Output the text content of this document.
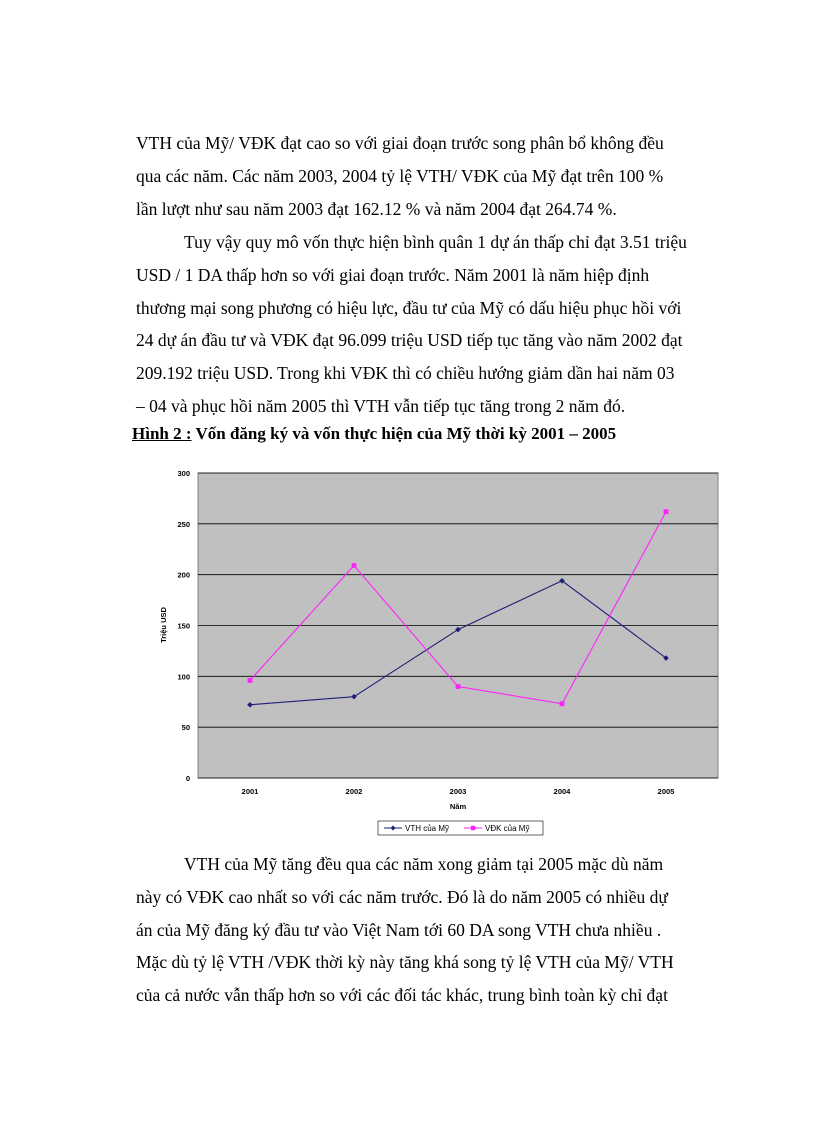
VTH của Mỹ/ VĐK đạt cao so với giai đoạn trước song phân bổ không đều
qua các năm. Các năm 2003, 2004 tỷ lệ VTH/ VĐK của Mỹ đạt trên 100 %
lần lượt như sau năm 2003 đạt 162.12 % và năm 2004 đạt 264.74 %.
Tuy vậy quy mô vốn thực hiện bình quân 1 dự án thấp chỉ đạt 3.51 triệu
USD / 1 DA thấp hơn so với giai đoạn trước. Năm 2001 là năm hiệp định
thương mại song phương có hiệu lực, đầu tư của Mỹ có dấu hiệu phục hồi với
24 dự án đầu tư và VĐK đạt 96.099 triệu USD tiếp tục tăng vào năm 2002 đạt
209.192 triệu USD. Trong khi VĐK thì có chiều hướng giảm dần hai năm 03
– 04 và phục hồi năm 2005 thì VTH vẫn tiếp tục tăng trong 2 năm đó.
Hình 2 : Vốn đăng ký và vốn thực hiện của Mỹ thời kỳ 2001 – 2005
0
50
100
150
200
250
300
2001	2002	2003	2004	2005
Triệu USD
Năm
VTH của Mỹ	VĐK của Mỹ
VTH của Mỹ tăng đều qua các năm xong giảm tại 2005 mặc dù năm
này có VĐK cao nhất so với các năm trước. Đó là do năm 2005 có nhiều dự
án của Mỹ đăng ký đầu tư vào Việt Nam tới 60 DA song VTH chưa nhiều .
Mặc dù tỷ lệ VTH /VĐK thời kỳ này tăng khá song tỷ lệ VTH của Mỹ/ VTH
của cả nước vẫn thấp hơn so với các đối tác khác, trung bình toàn kỳ chỉ đạt
